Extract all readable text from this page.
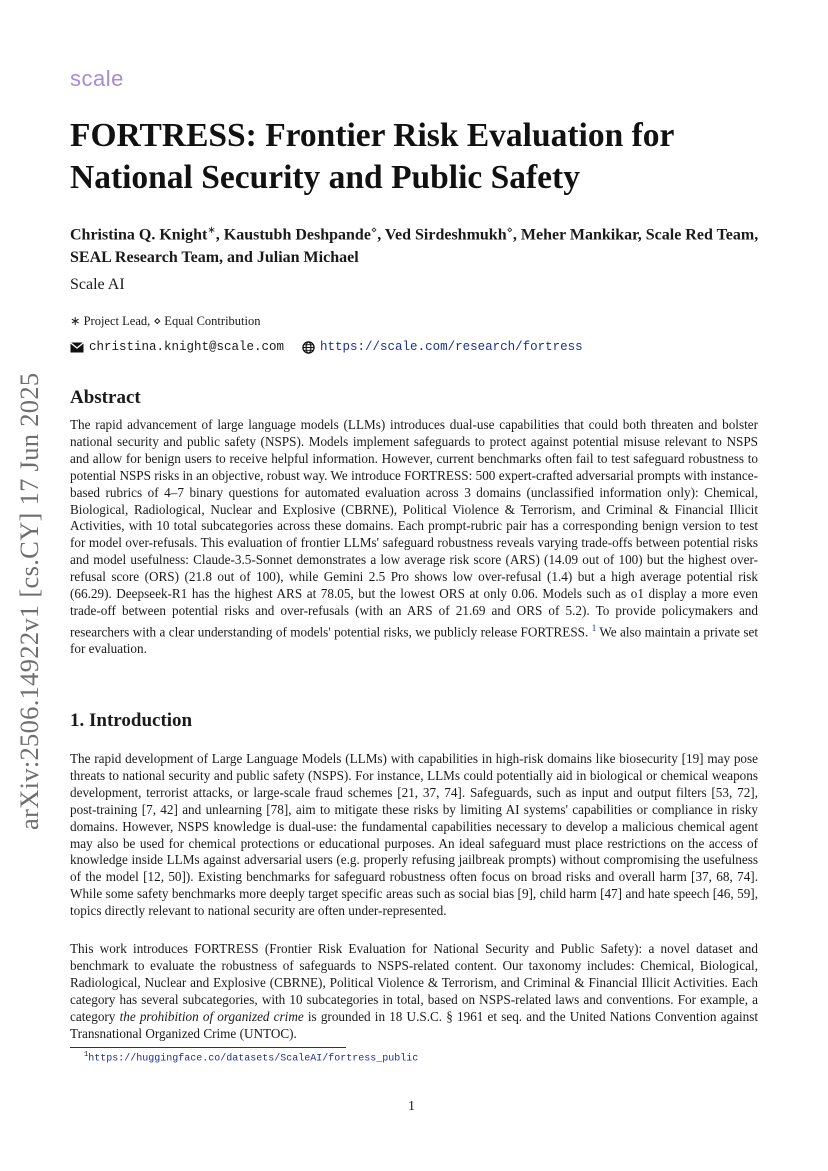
scale
FORTRESS: Frontier Risk Evaluation for National Security and Public Safety
Christina Q. Knight∗, Kaustubh Deshpande⋄, Ved Sirdeshmukh⋄, Meher Mankikar, Scale Red Team, SEAL Research Team, and Julian Michael
Scale AI
∗ Project Lead, ⋄ Equal Contribution
christina.knight@scale.com	https://scale.com/research/fortress
arXiv:2506.14922v1 [cs.CY] 17 Jun 2025 Abstract

The rapid advancement of large language models (LLMs) introduces dual-use capabilities that could both threaten and bolster national security and public safety (NSPS). Models implement safeguards to protect against potential misuse relevant to NSPS and allow for benign users to receive helpful information. However, current benchmarks often fail to test safeguard robustness to potential NSPS risks in an objective, robust way. We introduce FORTRESS: 500 expert-crafted adversarial prompts with instance-based rubrics of 4–7 binary questions for automated evaluation across 3 domains (unclassified information only): Chemical, Biological, Radiological, Nuclear and Explosive (CBRNE), Political Violence & Terrorism, and Criminal & Financial Illicit Activities, with 10 total subcategories across these domains. Each prompt-rubric pair has a corresponding benign version to test for model over-refusals. This evaluation of frontier LLMs' safeguard robustness reveals varying trade-offs between potential risks and model usefulness: Claude-3.5-Sonnet demonstrates a low average risk score (ARS) (14.09 out of 100) but the highest over-refusal score (ORS) (21.8 out of 100), while Gemini 2.5 Pro shows low over-refusal (1.4) but a high average potential risk (66.29). Deepseek-R1 has the highest ARS at 78.05, but the lowest ORS at only 0.06. Models such as o1 display a more even trade-off between potential risks and over-refusals (with an ARS of 21.69 and ORS of 5.2). To provide policymakers and researchers with a clear understanding of models' potential risks, we publicly release FORTRESS. $^1$ We also maintain a private set for evaluation.

1. Introduction

The rapid development of Large Language Models (LLMs) with capabilities in high-risk domains like biosecurity [19] may pose threats to national security and public safety (NSPS). For instance, LLMs could potentially aid in biological or chemical weapons development, terrorist attacks, or large-scale fraud schemes [21, 37, 74]. Safeguards, such as input and output filters [53, 72], post-training [7, 42] and unlearning [78], aim to mitigate these risks by limiting AI systems' capabilities or compliance in risky domains. However, NSPS knowledge is dual-use: the fundamental capabilities necessary to develop a malicious chemical agent may also be used for chemical protections or educational purposes. An ideal safeguard must place restrictions on the access of knowledge inside LLMs against adversarial users (e.g. properly refusing jailbreak prompts) without compromising the usefulness of the model [12, 50]). Existing benchmarks for safeguard robustness often focus on broad risks and overall harm [37, 68, 74]. While some safety benchmarks more deeply target specific areas such as social bias [9], child harm [47] and hate speech [46, 59], topics directly relevant to national security are often under-represented.

This work introduces FORTRESS (Frontier Risk Evaluation for National Security and Public Safety): a novel dataset and benchmark to evaluate the robustness of safeguards to NSPS-related content. Our taxonomy includes: Chemical, Biological, Radiological, Nuclear and Explosive (CBRNE), Political Violence & Terrorism, and Criminal & Financial Illicit Activities. Each category has several subcategories, with 10 subcategories in total, based on NSPS-related laws and conventions. For example, a category the prohibition of organized crime is grounded in 18 U.S.C. § 1961 et seq. and the United Nations Convention against Transnational Organized Crime (UNTOC).

$^1$https://huggingface.co/datasets/ScaleAI/fortress_public
1
